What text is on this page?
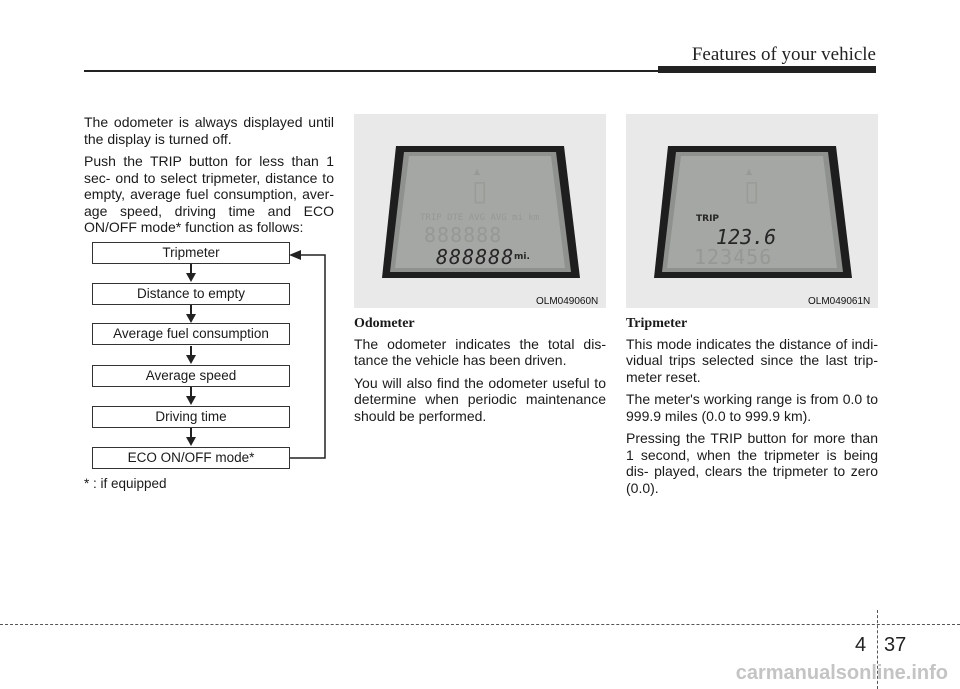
Features of your vehicle

The odometer is always displayed until the display is turned off.

Push the TRIP button for less than 1 sec- ond to select tripmeter, distance to empty, average fuel consumption, aver- age speed, driving time and ECO ON/OFF mode* function as follows:

Tripmeter
Distance to empty
Average fuel consumption
Average speed
Driving time
ECO ON/OFF mode*
* : if equipped
▯
▲
TRIP DTE AVG AVG mi km
888888
888888 mi.
OLM049060N
▯
▲
TRIP
123.6
123456
OLM049061N
Odometer

The odometer indicates the total dis- tance the vehicle has been driven.

You will also find the odometer useful to determine when periodic maintenance should be performed.

Tripmeter

This mode indicates the distance of indi- vidual trips selected since the last trip- meter reset.

The meter's working range is from 0.0 to 999.9 miles (0.0 to 999.9 km).

Pressing the TRIP button for more than 1 second, when the tripmeter is being dis- played, clears the tripmeter to zero (0.0).

4 37
carmanualsonline.info
